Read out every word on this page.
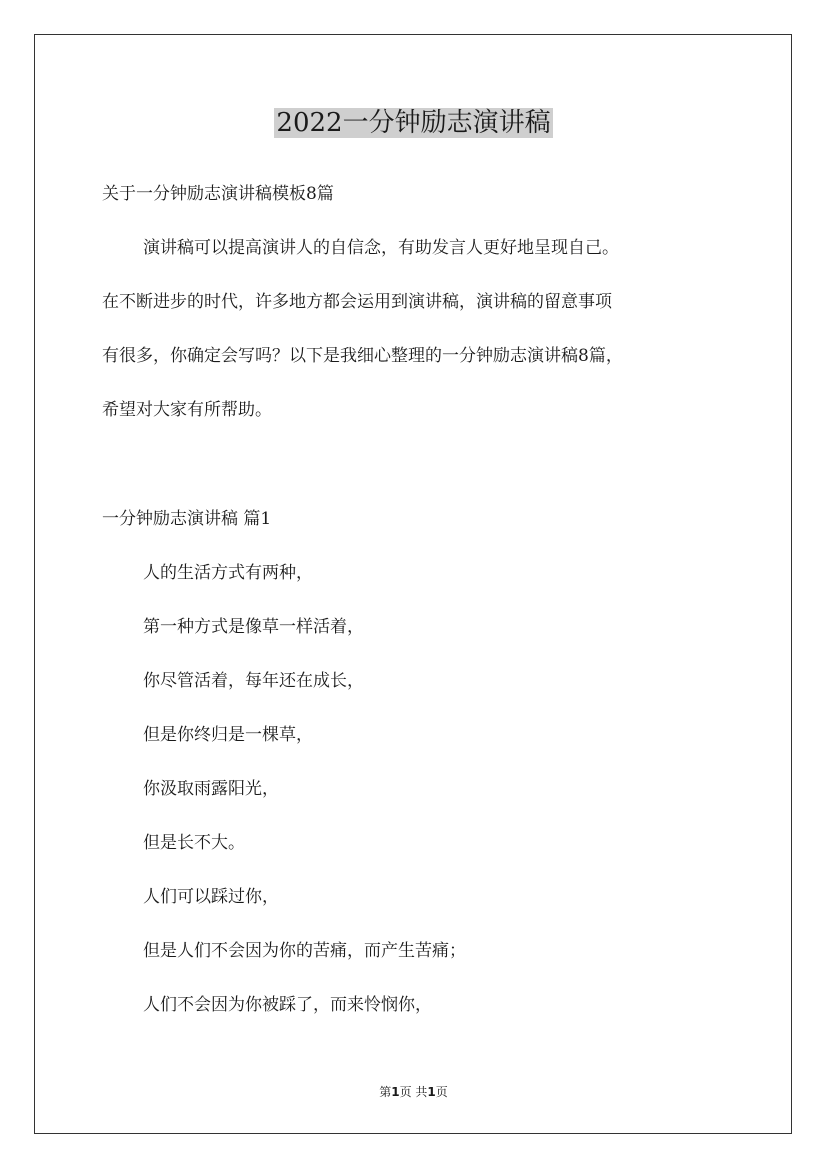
2022一分钟励志演讲稿

关于一分钟励志演讲稿模板8篇

演讲稿可以提高演讲人的自信念，有助发言人更好地呈现自己。

在不断进步的时代，许多地方都会运用到演讲稿，演讲稿的留意事项

有很多，你确定会写吗？以下是我细心整理的一分钟励志演讲稿8篇，

希望对大家有所帮助。

一分钟励志演讲稿 篇1

人的生活方式有两种，

第一种方式是像草一样活着，

你尽管活着，每年还在成长，

但是你终归是一棵草，

你汲取雨露阳光，

但是长不大。

人们可以踩过你，

但是人们不会因为你的苦痛，而产生苦痛；

人们不会因为你被踩了，而来怜悯你，

第1页 共1页
